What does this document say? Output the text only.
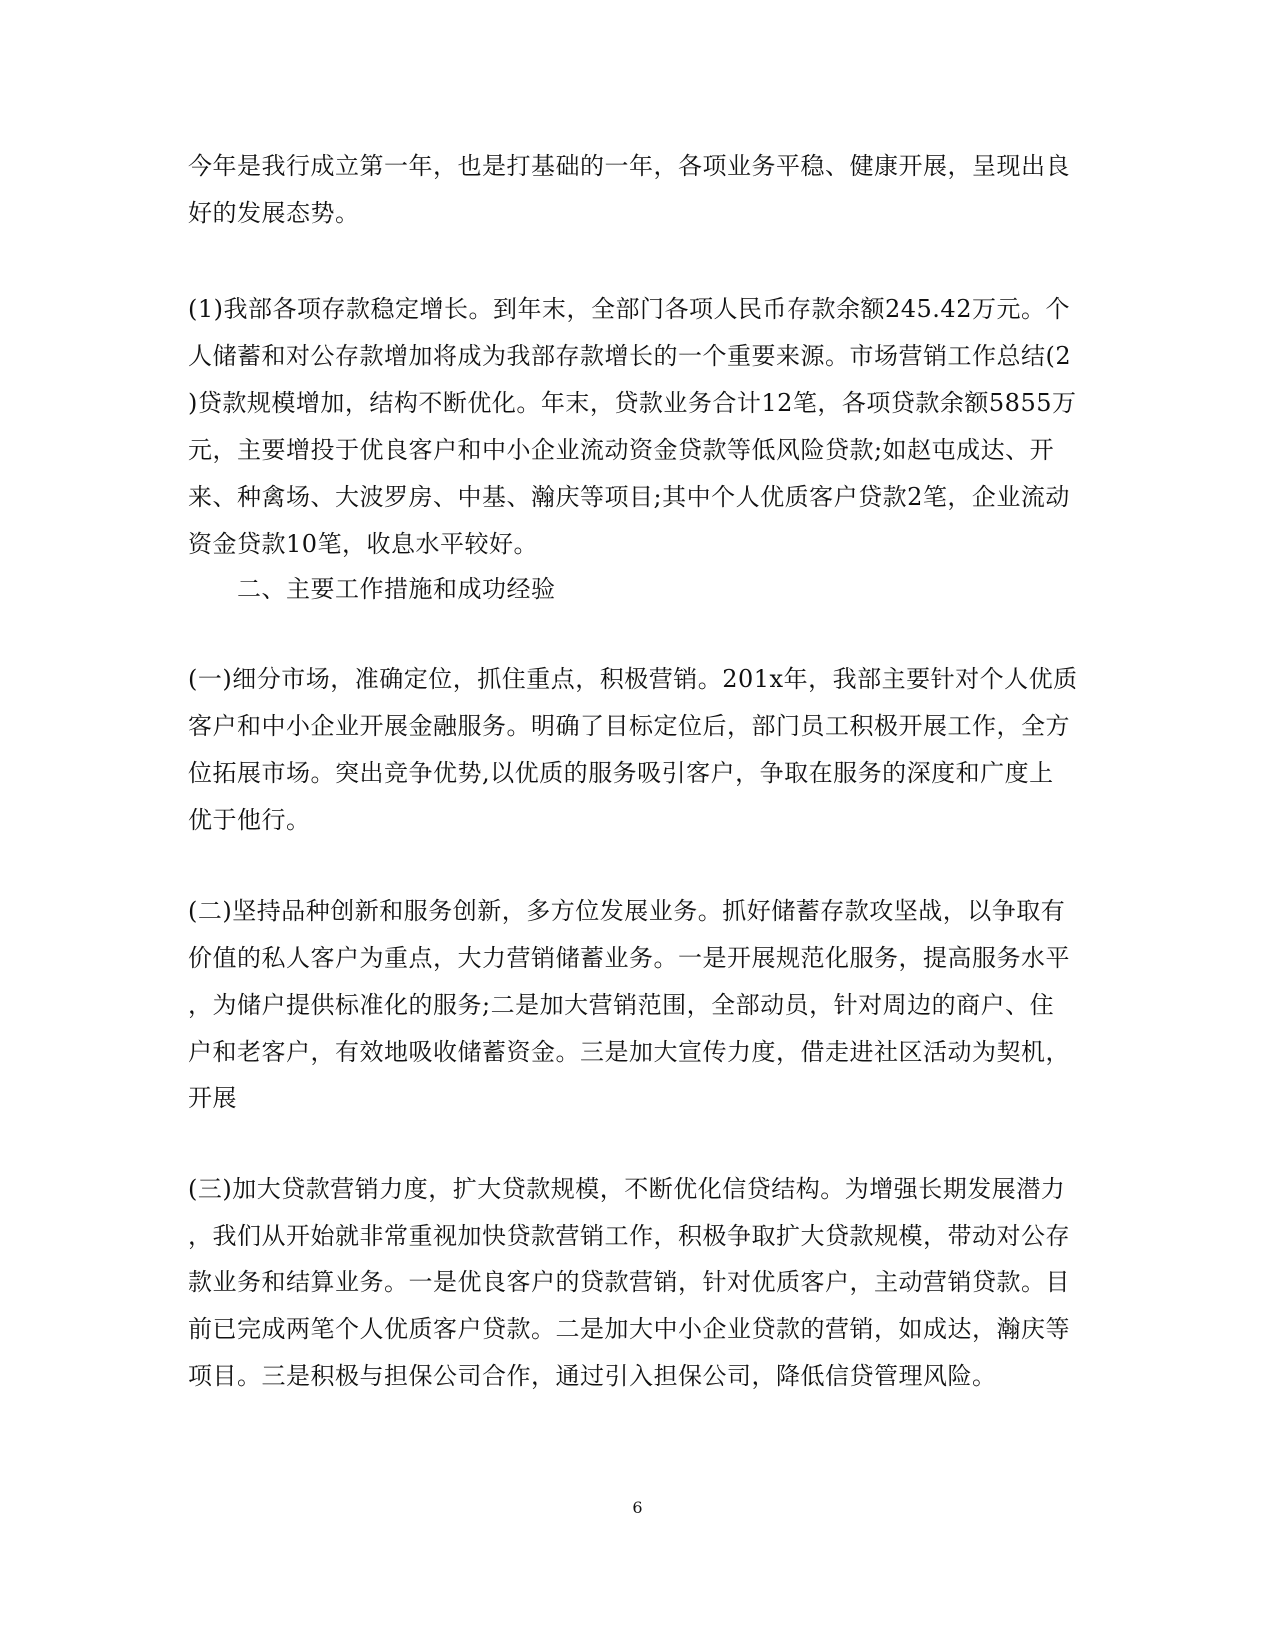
今年是我行成立第一年，也是打基础的一年，各项业务平稳、健康开展，呈现出良
好的发展态势。
(1)我部各项存款稳定增长。到年末，全部门各项人民币存款余额245.42万元。个
人储蓄和对公存款增加将成为我部存款增长的一个重要来源。市场营销工作总结(2
)贷款规模增加，结构不断优化。年末，贷款业务合计12笔，各项贷款余额5855万
元，主要增投于优良客户和中小企业流动资金贷款等低风险贷款;如赵屯成达、开
来、种禽场、大波罗房、中基、瀚庆等项目;其中个人优质客户贷款2笔，企业流动
资金贷款10笔，收息水平较好。
二、主要工作措施和成功经验
(一)细分市场，准确定位，抓住重点，积极营销。201x年，我部主要针对个人优质
客户和中小企业开展金融服务。明确了目标定位后，部门员工积极开展工作，全方
位拓展市场。突出竞争优势,以优质的服务吸引客户，争取在服务的深度和广度上
优于他行。
(二)坚持品种创新和服务创新，多方位发展业务。抓好储蓄存款攻坚战，以争取有
价值的私人客户为重点，大力营销储蓄业务。一是开展规范化服务，提高服务水平
，为储户提供标准化的服务;二是加大营销范围，全部动员，针对周边的商户、住
户和老客户，有效地吸收储蓄资金。三是加大宣传力度，借走进社区活动为契机，
开展
(三)加大贷款营销力度，扩大贷款规模，不断优化信贷结构。为增强长期发展潜力
，我们从开始就非常重视加快贷款营销工作，积极争取扩大贷款规模，带动对公存
款业务和结算业务。一是优良客户的贷款营销，针对优质客户，主动营销贷款。目
前已完成两笔个人优质客户贷款。二是加大中小企业贷款的营销，如成达，瀚庆等
项目。三是积极与担保公司合作，通过引入担保公司，降低信贷管理风险。
6
